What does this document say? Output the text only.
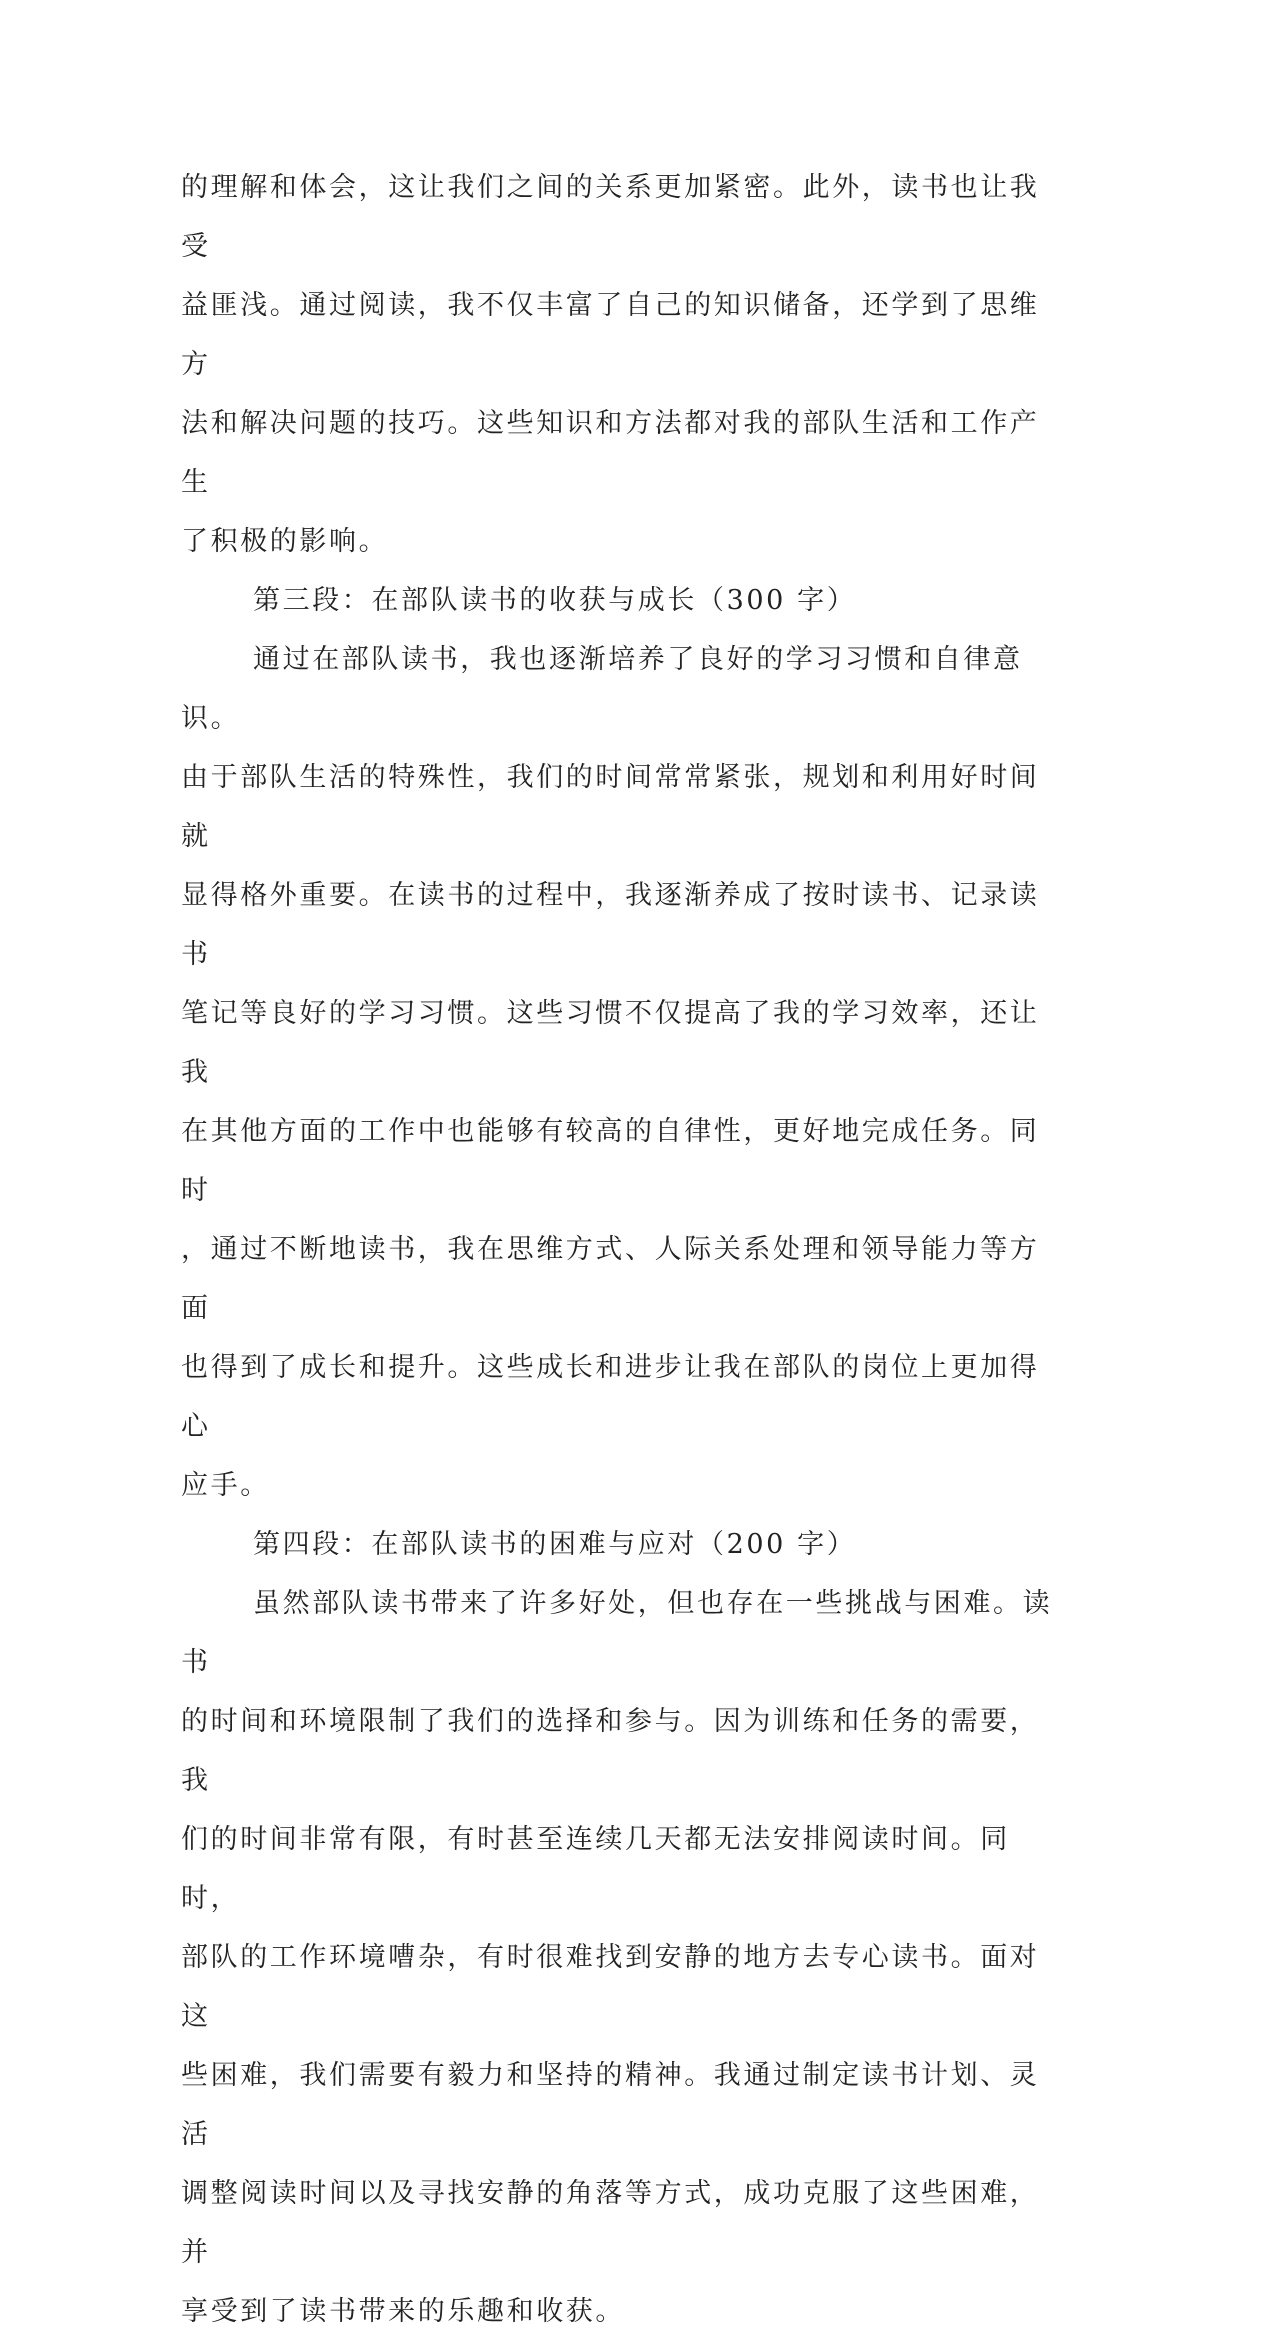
的理解和体会，这让我们之间的关系更加紧密。此外，读书也让我受
益匪浅。通过阅读，我不仅丰富了自己的知识储备，还学到了思维方
法和解决问题的技巧。这些知识和方法都对我的部队生活和工作产生
了积极的影响。

第三段：在部队读书的收获与成长（300 字）

通过在部队读书，我也逐渐培养了良好的学习习惯和自律意识。
由于部队生活的特殊性，我们的时间常常紧张，规划和利用好时间就
显得格外重要。在读书的过程中，我逐渐养成了按时读书、记录读书
笔记等良好的学习习惯。这些习惯不仅提高了我的学习效率，还让我
在其他方面的工作中也能够有较高的自律性，更好地完成任务。同时
，通过不断地读书，我在思维方式、人际关系处理和领导能力等方面
也得到了成长和提升。这些成长和进步让我在部队的岗位上更加得心
应手。

第四段：在部队读书的困难与应对（200 字）

虽然部队读书带来了许多好处，但也存在一些挑战与困难。读书
的时间和环境限制了我们的选择和参与。因为训练和任务的需要，我
们的时间非常有限，有时甚至连续几天都无法安排阅读时间。同时，
部队的工作环境嘈杂，有时很难找到安静的地方去专心读书。面对这
些困难，我们需要有毅力和坚持的精神。我通过制定读书计划、灵活
调整阅读时间以及寻找安静的角落等方式，成功克服了这些困难，并
享受到了读书带来的乐趣和收获。
